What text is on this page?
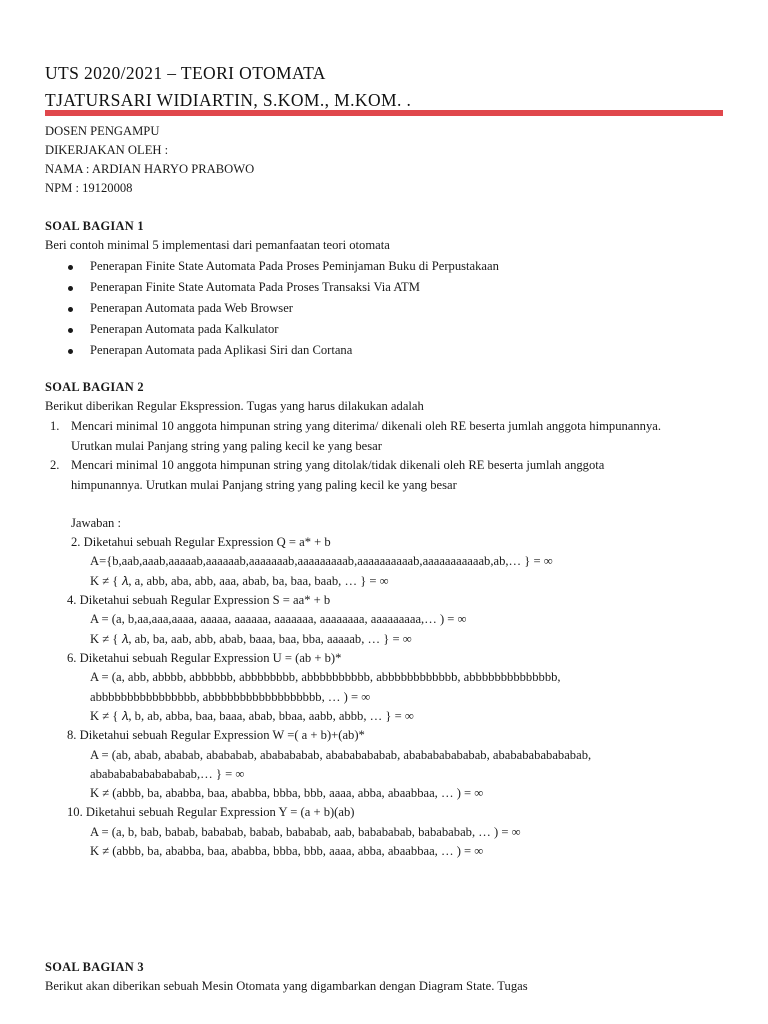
UTS 2020/2021 – TEORI OTOMATA
TJATURSARI WIDIARTIN, S.KOM., M.KOM. .
DOSEN PENGAMPU
DIKERJAKAN OLEH :
NAMA : ARDIAN HARYO PRABOWO
NPM : 19120008
SOAL BAGIAN 1
Beri contoh minimal 5 implementasi dari pemanfaatan teori otomata
Penerapan Finite State Automata Pada Proses Peminjaman Buku di Perpustakaan
Penerapan Finite State Automata Pada Proses Transaksi Via ATM
Penerapan Automata pada Web Browser
Penerapan Automata pada Kalkulator
Penerapan Automata pada Aplikasi Siri dan Cortana
SOAL BAGIAN 2
Berikut diberikan Regular Ekspression. Tugas yang harus dilakukan adalah
1. Mencari minimal 10 anggota himpunan string yang diterima/ dikenali oleh RE beserta jumlah anggota himpunannya.
Urutkan mulai Panjang string yang paling kecil ke yang besar
2. Mencari minimal 10 anggota himpunan string yang ditolak/tidak dikenali oleh RE beserta jumlah anggota
himpunannya. Urutkan mulai Panjang string yang paling kecil ke yang besar
Jawaban :
2. Diketahui sebuah Regular Expression Q = a* + b
A={b,aab,aaab,aaaaab,aaaaaab,aaaaaaab,aaaaaaaaab,aaaaaaaaaab,aaaaaaaaaaab,ab,… } = ∞
K ≠ { 𝜆, a, abb, aba, abb, aaa, abab, ba, baa, baab, … } = ∞
4. Diketahui sebuah Regular Expression S = aa* + b
A = (a, b,aa,aaa,aaaa, aaaaa, aaaaaa, aaaaaaa, aaaaaaaa, aaaaaaaaa,… ) = ∞
K ≠ { 𝜆, ab, ba, aab, abb, abab, baaa, baa, bba, aaaaab, … } = ∞
6. Diketahui sebuah Regular Expression U = (ab + b)*
A = (a, abb, abbbb, abbbbbb, abbbbbbbb, abbbbbbbbbb, abbbbbbbbbbbb, abbbbbbbbbbbbbb,
abbbbbbbbbbbbbbbb, abbbbbbbbbbbbbbbbbb, … ) = ∞
K ≠ { 𝜆, b, ab, abba, baa, baaa, abab, bbaa, aabb, abbb, … } = ∞
8. Diketahui sebuah Regular Expression W =( a + b)+(ab)*
A = (ab, abab, ababab, abababab, ababababab, abababababab, ababababababab, abababababababab,
ababababababababab,… } = ∞
K ≠ (abbb, ba, ababba, baa, ababba, bbba, bbb, aaaa, abba, abaabbaa, … ) = ∞
10. Diketahui sebuah Regular Expression Y = (a + b)(ab)
A = (a, b, bab, babab, bababab, babab, bababab, aab, babababab, babababab, … ) = ∞
K ≠ (abbb, ba, ababba, baa, ababba, bbba, bbb, aaaa, abba, abaabbaa, … ) = ∞
SOAL BAGIAN 3
Berikut akan diberikan sebuah Mesin Otomata yang digambarkan dengan Diagram State. Tugas
